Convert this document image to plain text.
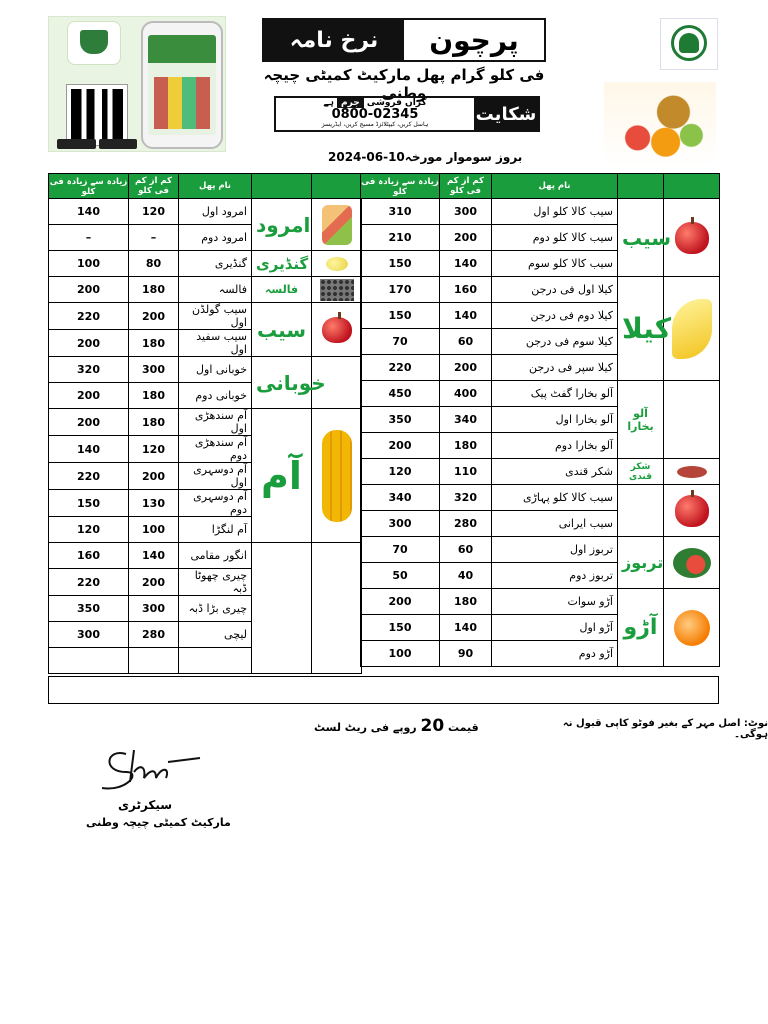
نرخ نامہ	پرچون
فی کلو گرام پھل مارکیٹ کمیٹی چیچہ وطنی
گراں فروشی جرم ہے
0800-02345
ہاسل کریں، کیپٹلائزڈ مسیج کریں، ایڈریسز
شکایت
بروز سوموار مورخہ10-06-2024
زیادہ سے زیادہ فی کلو	کم از کم فی کلو	نام پھل		
140	120	امرود اول	امرود	

–	–	امرود دوم		
100	80	گنڈیری	گنڈیری	

200	180	فالسہ	فالسہ	

220	200	سیب گولڈن اول	سیب	

200	180	سیب سفید اول		
320	300	خوبانی اول	خوبانی	

200	180	خوبانی دوم		
200	180	آم سندھڑی اول	آم	

140	120	آم سندھڑی دوم		
220	200	آم دوسہری اول		
150	130	آم دوسہری دوم		
120	100	آم لنگڑا		
160	140	انگور مقامی		
220	200	چیری چھوٹا ڈبہ		
350	300	چیری بڑا ڈبہ		
300	280	لیچی		

زیادہ سے زیادہ فی کلو	کم از کم فی کلو	نام پھل		
310	300	سیب کالا کلو اول	سیب	

210	200	سیب کالا کلو دوم		
150	140	سیب کالا کلو سوم		
170	160	کیلا اول فی درجن	کیلا	

150	140	کیلا دوم فی درجن		
70	60	کیلا سوم فی درجن		
220	200	کیلا سپر فی درجن		
450	400	آلو بخارا گفٹ پیک	آلو بخارا	

350	340	آلو بخارا اول		
200	180	آلو بخارا دوم		
120	110	شکر قندی	شکر قندی	

340	320	سیب کالا کلو پہاڑی		
300	280	سیب ایرانی		
70	60	تربوز اول	تربوز	

50	40	تربوز دوم		
200	180	آڑو سوات	آڑو	

150	140	آڑو اول		
100	90	آڑو دوم		
نوٹ: اصل مہر کے بغیر فوٹو کاپی قبول نہ ہوگی۔
قیمت 20 روپے فی ریٹ لسٹ
سیکرٹری
مارکیٹ کمیٹی چیچہ وطنی
